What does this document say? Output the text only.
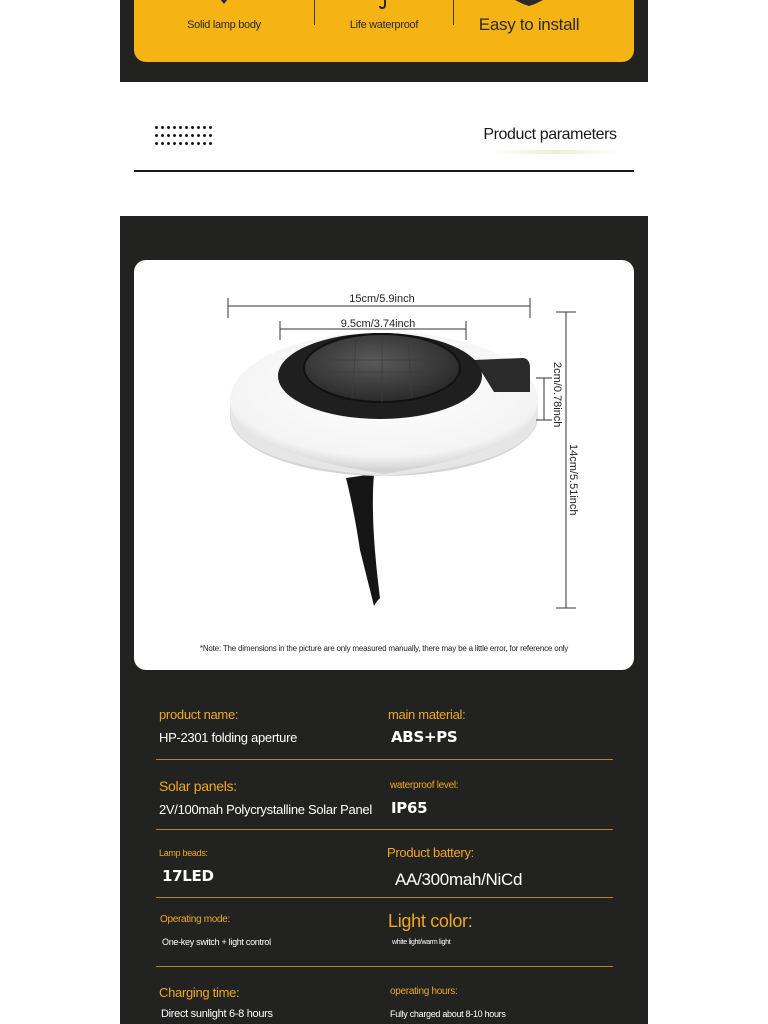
Solid lamp body	Life waterproof	Easy to install
Product parameters
15cm/5.9inch
9.5cm/3.74inch
2cm/0.78inch
14cm/5.51inch
*Note: The dimensions in the picture are only measured manually, there may be a little error, for reference only
product name:
HP-2301 folding aperture
main material:
ABS+PS
Solar panels:
2V/100mah Polycrystalline Solar Panel
waterproof level:
IP65
Lamp beads:
17LED
Product battery:
AA/300mah/NiCd
Operating mode:
One-key switch + light control
Light color:
white light/warm light
Charging time:
Direct sunlight 6-8 hours
operating hours:
Fully charged about 8-10 hours
